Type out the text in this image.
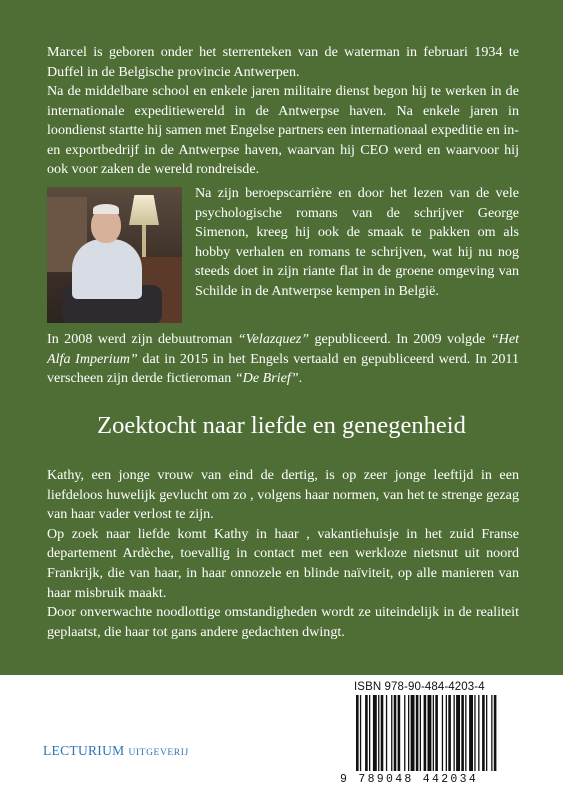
Marcel is geboren onder het sterrenteken van de waterman in februari 1934 te Duffel in de Belgische provincie Antwerpen.

Na de middelbare school en enkele jaren militaire dienst begon hij te werken in de internationale expeditiewereld in de Antwerpse haven. Na enkele jaren in loondienst startte hij samen met Engelse partners een internationaal expeditie en in- en exportbedrijf in de Antwerpse haven, waarvan hij CEO werd en waarvoor hij ook voor zaken de wereld rondreisde.

Na zijn beroepscarrière en door het lezen van de vele psychologische romans van de schrijver George Simenon, kreeg hij ook de smaak te pakken om als hobby verhalen en romans te schrijven, wat hij nu nog steeds doet in zijn riante flat in de groene omgeving van Schilde in de Antwerpse kempen in België.

In 2008 werd zijn debuutroman “Velazquez” gepubliceerd. In 2009 volgde “Het Alfa Imperium” dat in 2015 in het Engels vertaald en gepubliceerd werd. In 2011 verscheen zijn derde fictieroman “De Brief”.

Zoektocht naar liefde en genegenheid
Kathy, een jonge vrouw van eind de dertig, is op zeer jonge leeftijd in een liefdeloos huwelijk gevlucht om zo , volgens haar normen, van het te strenge gezag van haar vader verlost te zijn.
Op zoek naar liefde komt Kathy in haar , vakantiehuisje in het zuid Franse departement Ardèche, toevallig in contact met een werkloze nietsnut uit noord Frankrijk, die van haar, in haar onnozele en blinde naïviteit, op alle manieren van haar misbruik maakt.
Door onverwachte noodlottige omstandigheden wordt ze uiteindelijk in de realiteit geplaatst, die haar tot gans andere gedachten dwingt.
ISBN 978-90-484-4203-4
9 789048 442034
LECTURIUM UITGEVERIJ
